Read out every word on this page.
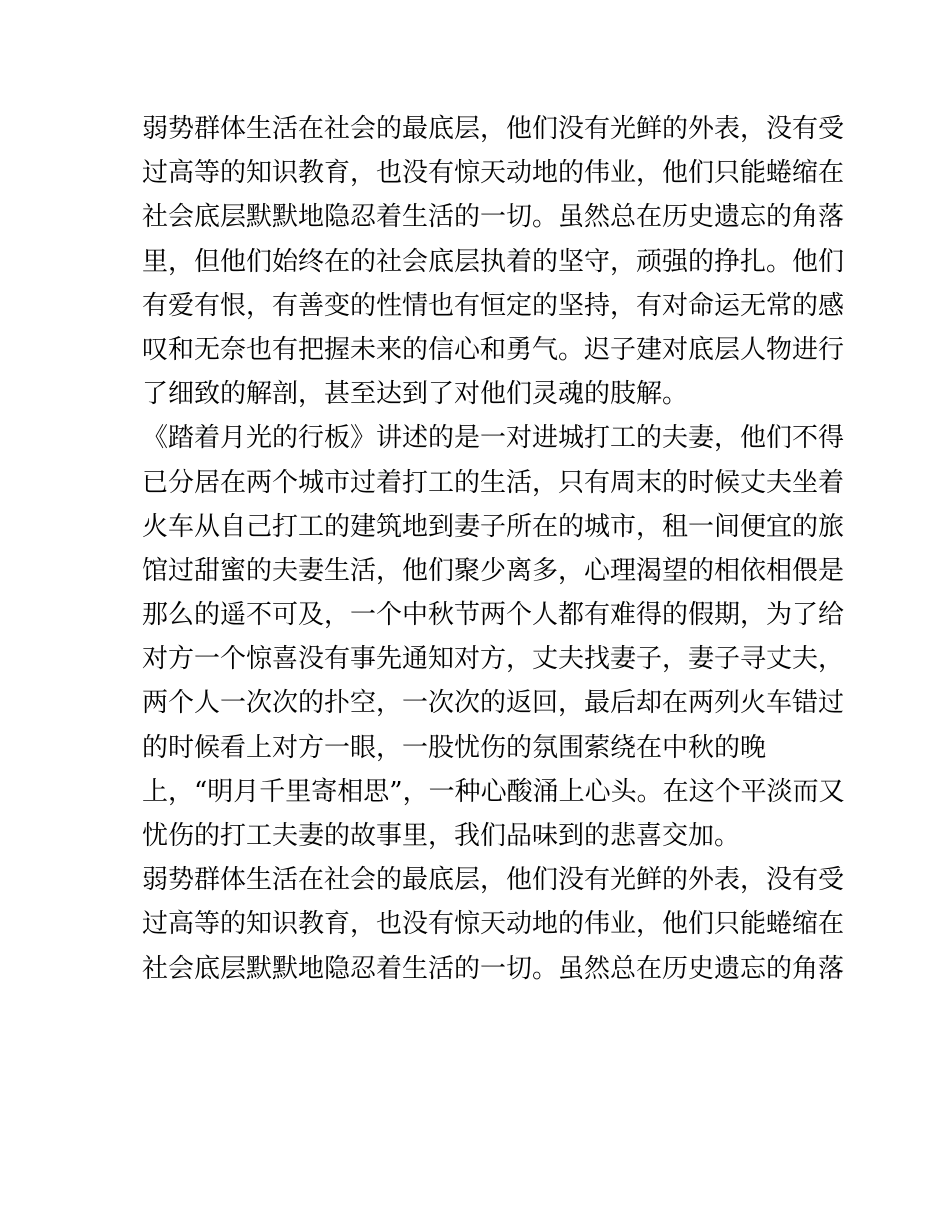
弱势群体生活在社会的最底层，他们没有光鲜的外表，没有受
过高等的知识教育，也没有惊天动地的伟业，他们只能蜷缩在
社会底层默默地隐忍着生活的一切。虽然总在历史遗忘的角落
里，但他们始终在的社会底层执着的坚守，顽强的挣扎。他们
有爱有恨，有善变的性情也有恒定的坚持，有对命运无常的感
叹和无奈也有把握未来的信心和勇气。迟子建对底层人物进行
了细致的解剖，甚至达到了对他们灵魂的肢解。
《踏着月光的行板》讲述的是一对进城打工的夫妻，他们不得
已分居在两个城市过着打工的生活，只有周末的时候丈夫坐着
火车从自己打工的建筑地到妻子所在的城市，租一间便宜的旅
馆过甜蜜的夫妻生活，他们聚少离多，心理渴望的相依相偎是
那么的遥不可及，一个中秋节两个人都有难得的假期，为了给
对方一个惊喜没有事先通知对方，丈夫找妻子，妻子寻丈夫，
两个人一次次的扑空，一次次的返回，最后却在两列火车错过
的时候看上对方一眼，一股忧伤的氛围萦绕在中秋的晚
上，“明月千里寄相思”，一种心酸涌上心头。在这个平淡而又
忧伤的打工夫妻的故事里，我们品味到的悲喜交加。
弱势群体生活在社会的最底层，他们没有光鲜的外表，没有受
过高等的知识教育，也没有惊天动地的伟业，他们只能蜷缩在
社会底层默默地隐忍着生活的一切。虽然总在历史遗忘的角落
